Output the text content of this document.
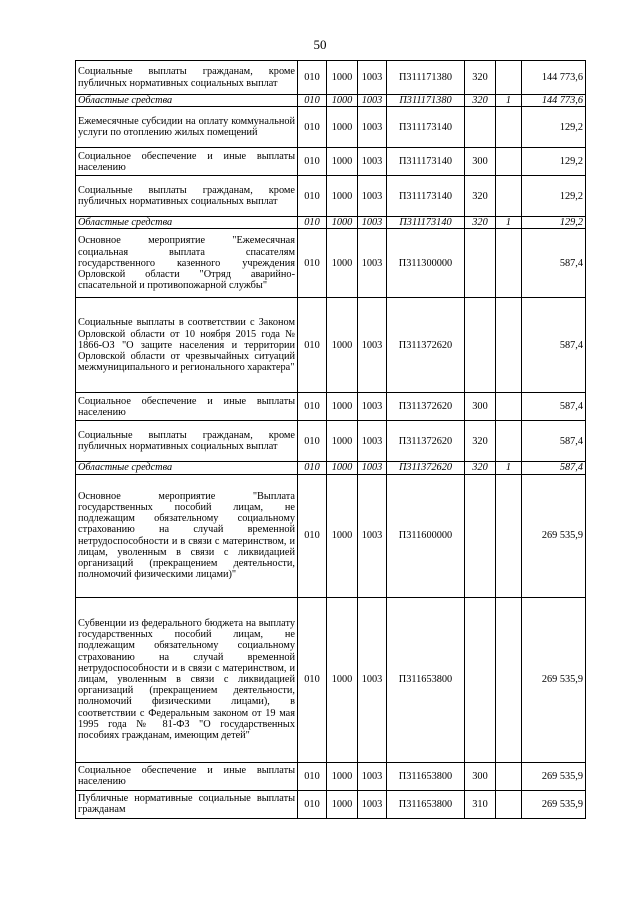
50
Социальные выплаты гражданам, кроме публичных нормативных социальных выплат	010	1000	1003	П311171380	320		144 773,6
Областные средства	010	1000	1003	П311171380	320	1	144 773,6
Ежемесячные субсидии на оплату коммунальной услуги по отоплению жилых помещений	010	1000	1003	П311173140			129,2
Социальное обеспечение и иные выплаты населению	010	1000	1003	П311173140	300		129,2
Социальные выплаты гражданам, кроме публичных нормативных социальных выплат	010	1000	1003	П311173140	320		129,2
Областные средства	010	1000	1003	П311173140	320	1	129,2
Основное мероприятие "Ежемесячная социальная выплата спасателям государственного казенного учреждения Орловской области "Отряд аварийно-спасательной и противопожарной службы"	010	1000	1003	П311300000			587,4
Социальные выплаты в соответствии с Законом Орловской области от 10 ноября 2015 года № 1866-ОЗ "О защите населения и территории Орловской области от чрезвычайных ситуаций межмуниципального и регионального характера"	010	1000	1003	П311372620			587,4
Социальное обеспечение и иные выплаты населению	010	1000	1003	П311372620	300		587,4
Социальные выплаты гражданам, кроме публичных нормативных социальных выплат	010	1000	1003	П311372620	320		587,4
Областные средства	010	1000	1003	П311372620	320	1	587,4
Основное мероприятие "Выплата государственных пособий лицам, не подлежащим обязательному социальному страхованию на случай временной нетрудоспособности и в связи с материнством, и лицам, уволенным в связи с ликвидацией организаций (прекращением деятельности, полномочий физическими лицами)"	010	1000	1003	П311600000			269 535,9
Субвенции из федерального бюджета на выплату государственных пособий лицам, не подлежащим обязательному социальному страхованию на случай временной нетрудоспособности и в связи с материнством, и лицам, уволенным в связи с ликвидацией организаций (прекращением деятельности, полномочий физическими лицами), в соответствии с Федеральным законом от 19 мая 1995 года № 81-ФЗ "О государственных пособиях гражданам, имеющим детей"	010	1000	1003	П311653800			269 535,9
Социальное обеспечение и иные выплаты населению	010	1000	1003	П311653800	300		269 535,9
Публичные нормативные социальные выплаты гражданам	010	1000	1003	П311653800	310		269 535,9
